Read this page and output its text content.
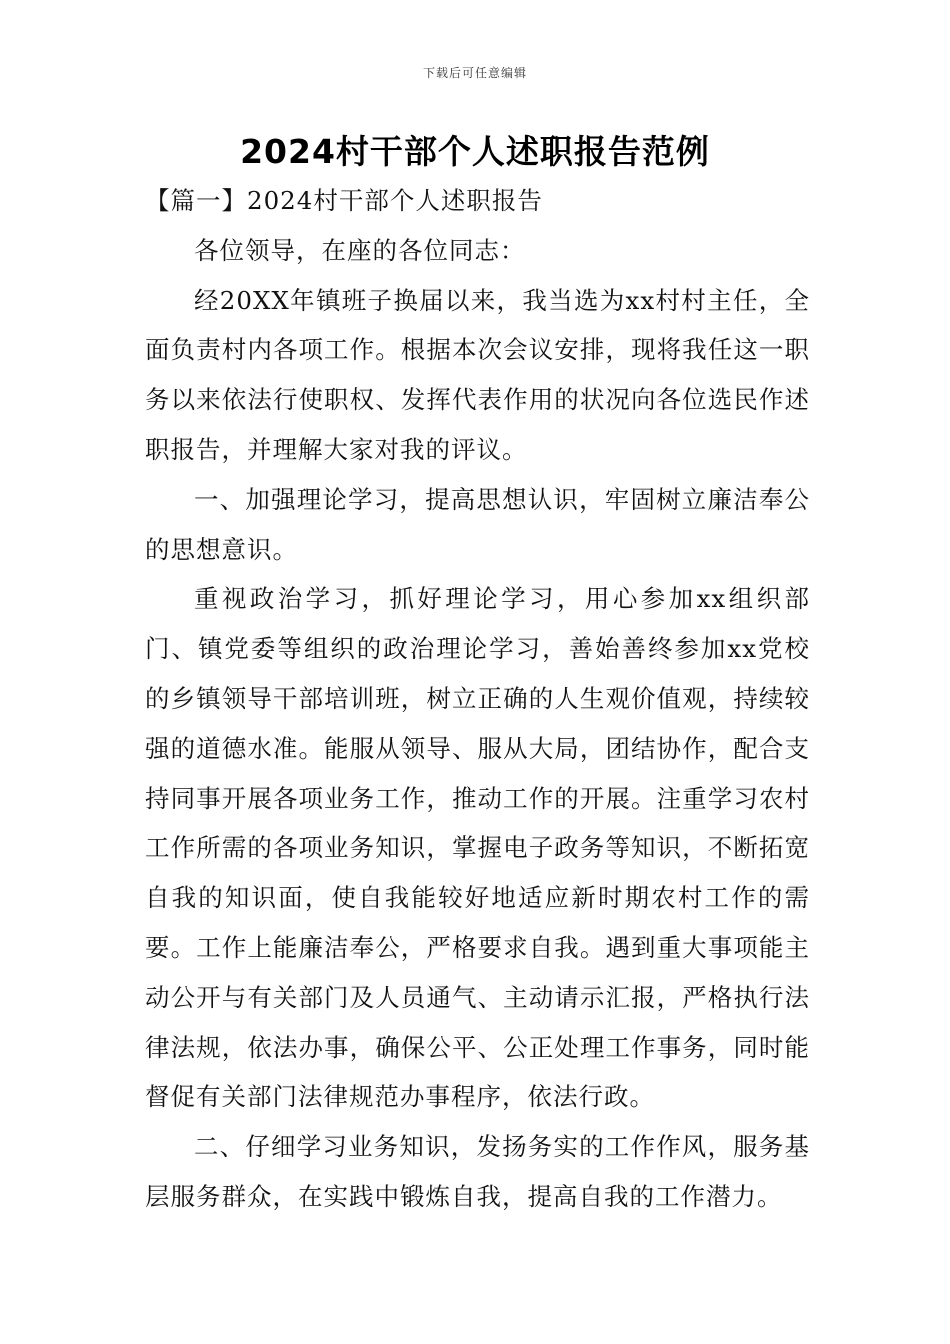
下载后可任意编辑
2024村干部个人述职报告范例

【篇一】2024村干部个人述职报告

各位领导，在座的各位同志：

经20XX年镇班子换届以来，我当选为xx村村主任，全面负责村内各项工作。根据本次会议安排，现将我任这一职务以来依法行使职权、发挥代表作用的状况向各位选民作述职报告，并理解大家对我的评议。

一、加强理论学习，提高思想认识，牢固树立廉洁奉公的思想意识。

重视政治学习，抓好理论学习，用心参加xx组织部门、镇党委等组织的政治理论学习，善始善终参加xx党校的乡镇领导干部培训班，树立正确的人生观价值观，持续较强的道德水准。能服从领导、服从大局，团结协作，配合支持同事开展各项业务工作，推动工作的开展。注重学习农村工作所需的各项业务知识，掌握电子政务等知识，不断拓宽自我的知识面，使自我能较好地适应新时期农村工作的需要。工作上能廉洁奉公，严格要求自我。遇到重大事项能主动公开与有关部门及人员通气、主动请示汇报，严格执行法律法规，依法办事，确保公平、公正处理工作事务，同时能督促有关部门法律规范办事程序，依法行政。

二、仔细学习业务知识，发扬务实的工作作风，服务基层服务群众，在实践中锻炼自我，提高自我的工作潜力。
